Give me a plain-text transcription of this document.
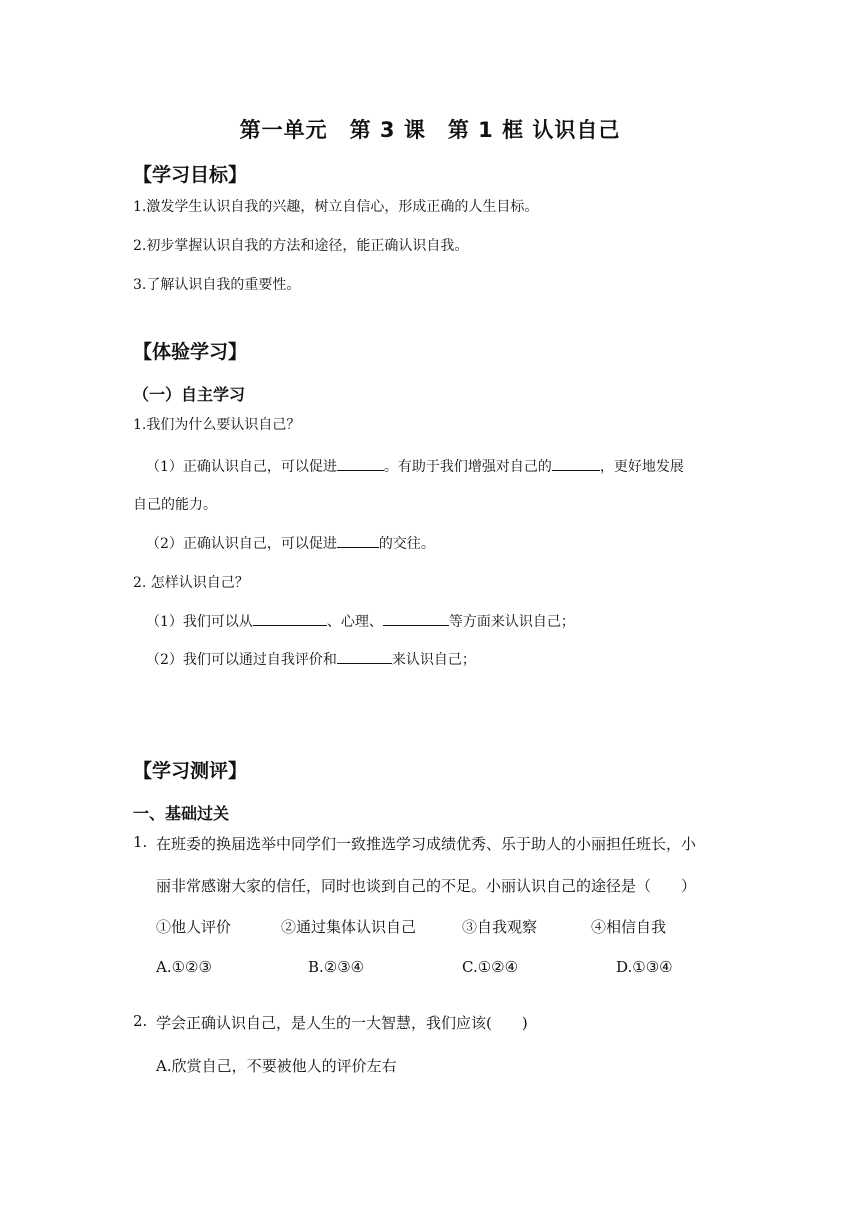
第一单元　第 3 课　第 1 框 认识自己
【学习目标】
1.激发学生认识自我的兴趣，树立自信心，形成正确的人生目标。
2.初步掌握认识自我的方法和途径，能正确认识自我。
3.了解认识自我的重要性。
【体验学习】
（一）自主学习
1.我们为什么要认识自己？
（1）正确认识自己，可以促进	。有助于我们增强对自己的	，更好地发展
自己的能力。
（2）正确认识自己，可以促进	的交往。
2. 怎样认识自己？
（1）我们可以从	、心理、	等方面来认识自己；
（2）我们可以通过自我评价和	来认识自己；
【学习测评】
一、基础过关
1. 在班委的换届选举中同学们一致推选学习成绩优秀、乐于助人的小丽担任班长，小
丽非常感谢大家的信任，同时也谈到自己的不足。小丽认识自己的途径是（　　）
①他人评价	②通过集体认识自己	③自我观察	④相信自我
A.①②③	B.②③④	C.①②④	D.①③④
2. 学会正确认识自己，是人生的一大智慧，我们应该(　　)
A.欣赏自己，不要被他人的评价左右
